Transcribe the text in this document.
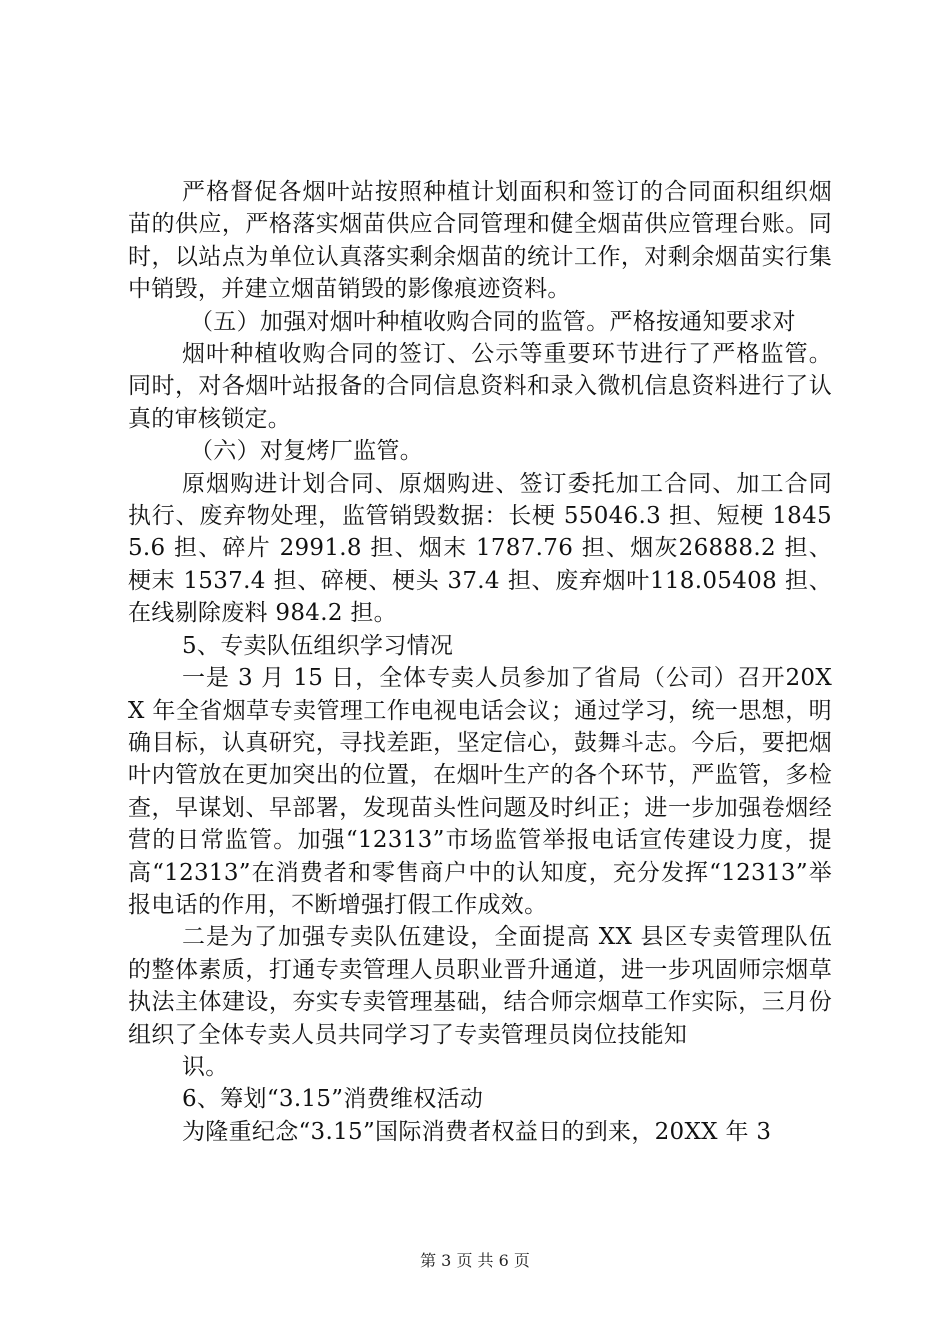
严格督促各烟叶站按照种植计划面积和签订的合同面积组织烟苗的供应，严格落实烟苗供应合同管理和健全烟苗供应管理台账。同时，以站点为单位认真落实剩余烟苗的统计工作，对剩余烟苗实行集中销毁，并建立烟苗销毁的影像痕迹资料。

（五）加强对烟叶种植收购合同的监管。严格按通知要求对

烟叶种植收购合同的签订、公示等重要环节进行了严格监管。同时，对各烟叶站报备的合同信息资料和录入微机信息资料进行了认真的审核锁定。

（六）对复烤厂监管。

原烟购进计划合同、原烟购进、签订委托加工合同、加工合同执行、废弃物处理，监管销毁数据：长梗 55046.3 担、短梗 18455.6 担、碎片 2991.8 担、烟末 1787.76 担、烟灰26888.2 担、梗末 1537.4 担、碎梗、梗头 37.4 担、废弃烟叶118.05408 担、在线剔除废料 984.2 担。

5、专卖队伍组织学习情况

一是 3 月 15 日，全体专卖人员参加了省局（公司）召开20XX 年全省烟草专卖管理工作电视电话会议；通过学习，统一思想，明确目标，认真研究，寻找差距，坚定信心，鼓舞斗志。今后，要把烟叶内管放在更加突出的位置，在烟叶生产的各个环节，严监管，多检查，早谋划、早部署，发现苗头性问题及时纠正；进一步加强卷烟经营的日常监管。加强“12313”市场监管举报电话宣传建设力度，提高“12313”在消费者和零售商户中的认知度，充分发挥“12313”举报电话的作用，不断增强打假工作成效。

二是为了加强专卖队伍建设，全面提高 XX 县区专卖管理队伍的整体素质，打通专卖管理人员职业晋升通道，进一步巩固师宗烟草执法主体建设，夯实专卖管理基础，结合师宗烟草工作实际，三月份组织了全体专卖人员共同学习了专卖管理员岗位技能知

识。

6、筹划“3.15”消费维权活动

为隆重纪念“3.15”国际消费者权益日的到来，20XX 年 3

第 3 页 共 6 页
